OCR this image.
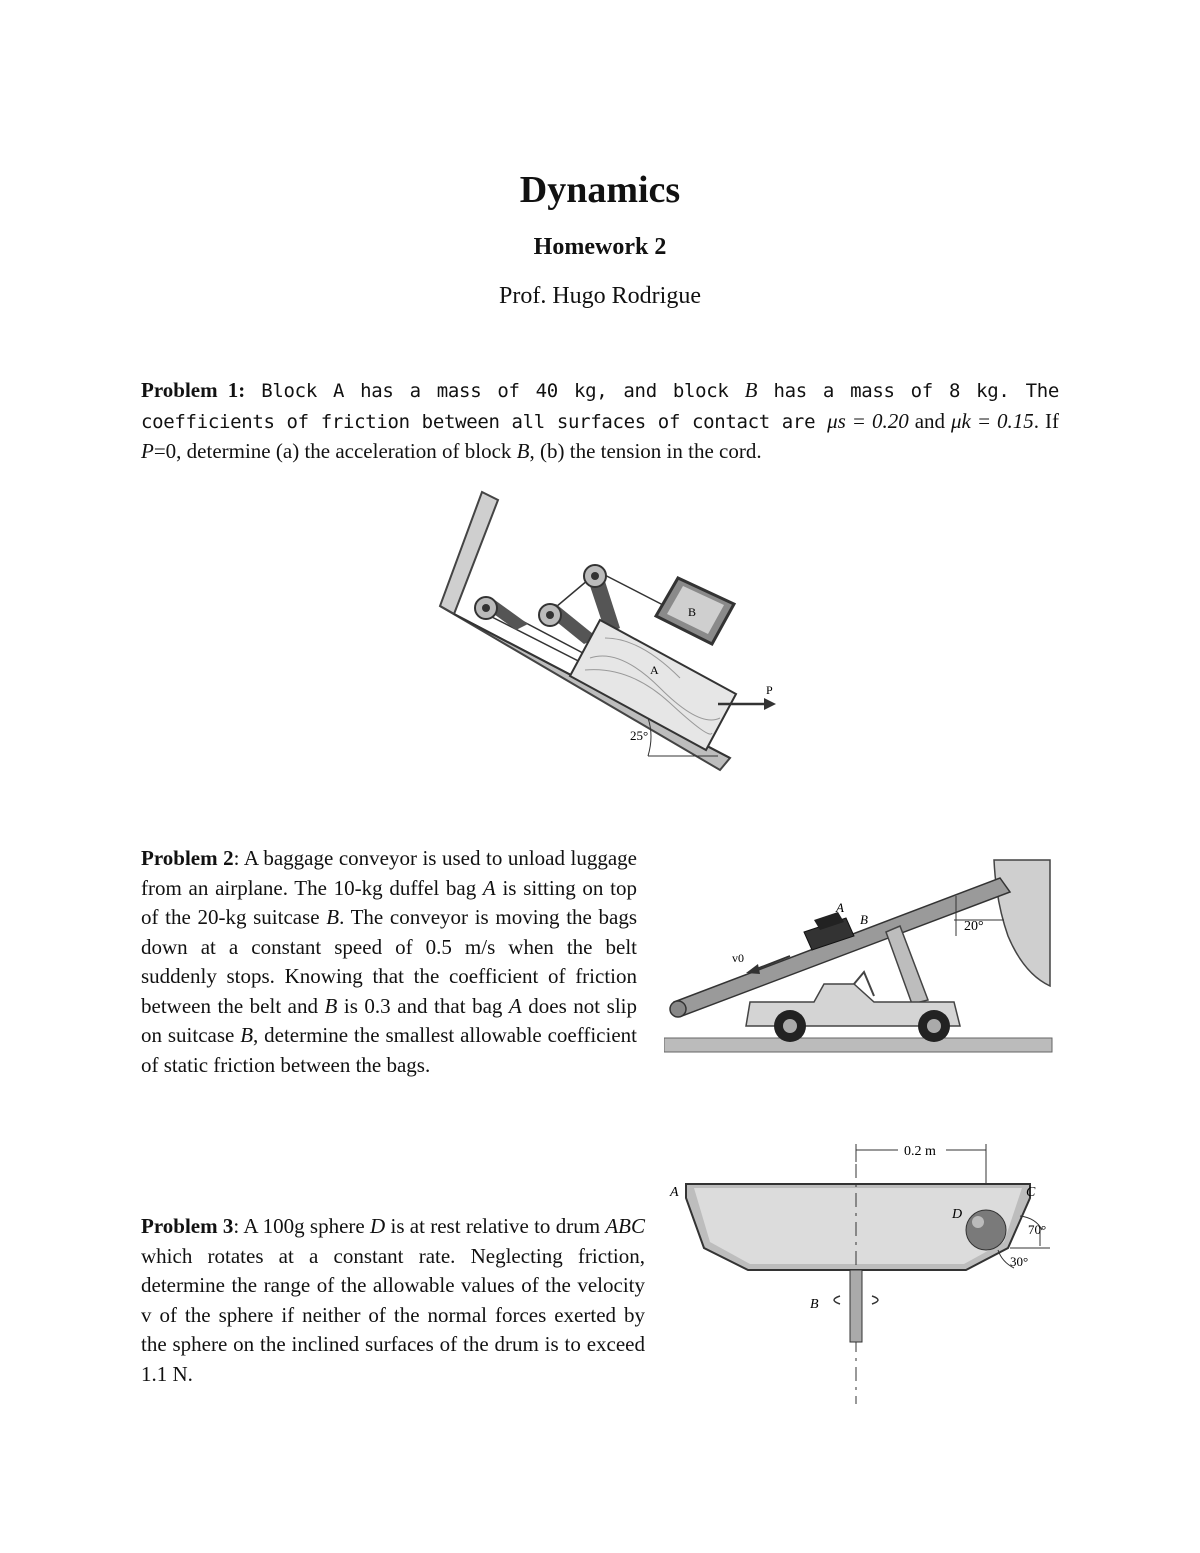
Dynamics
Homework 2
Prof. Hugo Rodrigue
Problem 1: Block A has a mass of 40 kg, and block B has a mass of 8 kg. The coefficients of friction between all surfaces of contact are μs = 0.20 and μk = 0.15. If P=0, determine (a) the acceleration of block B, (b) the tension in the cord.
A
B
P
25°
Problem 2: A baggage conveyor is used to unload luggage from an airplane. The 10-kg duffel bag A is sitting on top of the 20-kg suitcase B. The conveyor is moving the bags down at a constant speed of 0.5 m/s when the belt suddenly stops. Knowing that the coefficient of friction between the belt and B is 0.3 and that bag A does not slip on suitcase B, determine the smallest allowable coefficient of static friction between the bags.
A
B
v0
20°
Problem 3: A 100g sphere D is at rest relative to drum ABC which rotates at a constant rate. Neglecting friction, determine the range of the allowable values of the velocity v of the sphere if neither of the normal forces exerted by the sphere on the inclined surfaces of the drum is to exceed 1.1 N.
0.2 m
A
B
C
D
70°
30°
